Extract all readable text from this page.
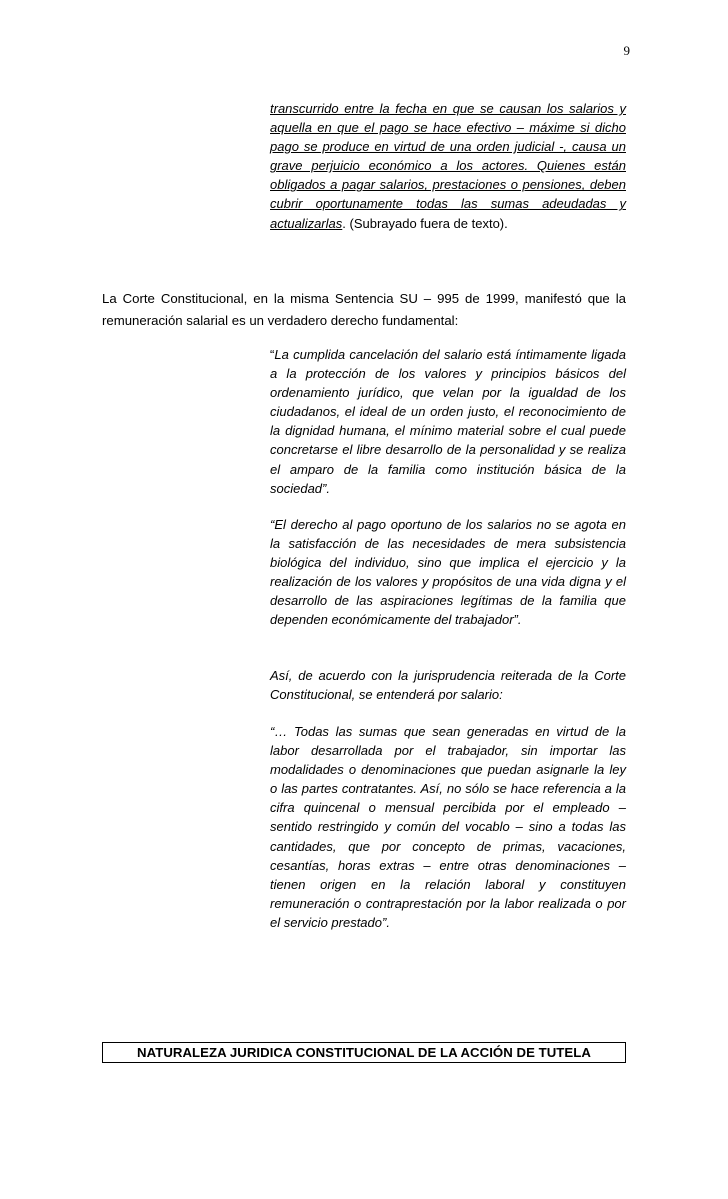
9

transcurrido entre la fecha en que se causan los salarios y aquella en que el pago se hace efectivo – máxime si dicho pago se produce en virtud de una orden judicial -, causa un grave perjuicio económico a los actores. Quienes están obligados a pagar salarios, prestaciones o pensiones, deben cubrir oportunamente todas las sumas adeudadas y actualizarlas. (Subrayado fuera de texto).

La Corte Constitucional, en la misma Sentencia SU – 995 de 1999, manifestó que la remuneración salarial es un verdadero derecho fundamental:

“La cumplida cancelación del salario está íntimamente ligada a la protección de los valores y principios básicos del ordenamiento jurídico, que velan por la igualdad de los ciudadanos, el ideal de un orden justo, el reconocimiento de la dignidad humana, el mínimo material sobre el cual puede concretarse el libre desarrollo de la personalidad y se realiza el amparo de la familia como institución básica de la sociedad”.

“El derecho al pago oportuno de los salarios no se agota en la satisfacción de las necesidades de mera subsistencia biológica del individuo, sino que implica el ejercicio y la realización de los valores y propósitos de una vida digna y el desarrollo de las aspiraciones legítimas de la familia que dependen económicamente del trabajador”.

Así, de acuerdo con la jurisprudencia reiterada de la Corte Constitucional, se entenderá por salario:

“… Todas las sumas que sean generadas en virtud de la labor desarrollada por el trabajador, sin importar las modalidades o denominaciones que puedan asignarle la ley o las partes contratantes. Así, no sólo se hace referencia a la cifra quincenal o mensual percibida por el empleado – sentido restringido y común del vocablo – sino a todas las cantidades, que por concepto de primas, vacaciones, cesantías, horas extras – entre otras denominaciones – tienen origen en la relación laboral y constituyen remuneración o contraprestación por la labor realizada o por el servicio prestado”.

NATURALEZA JURIDICA CONSTITUCIONAL DE LA ACCIÓN DE TUTELA
